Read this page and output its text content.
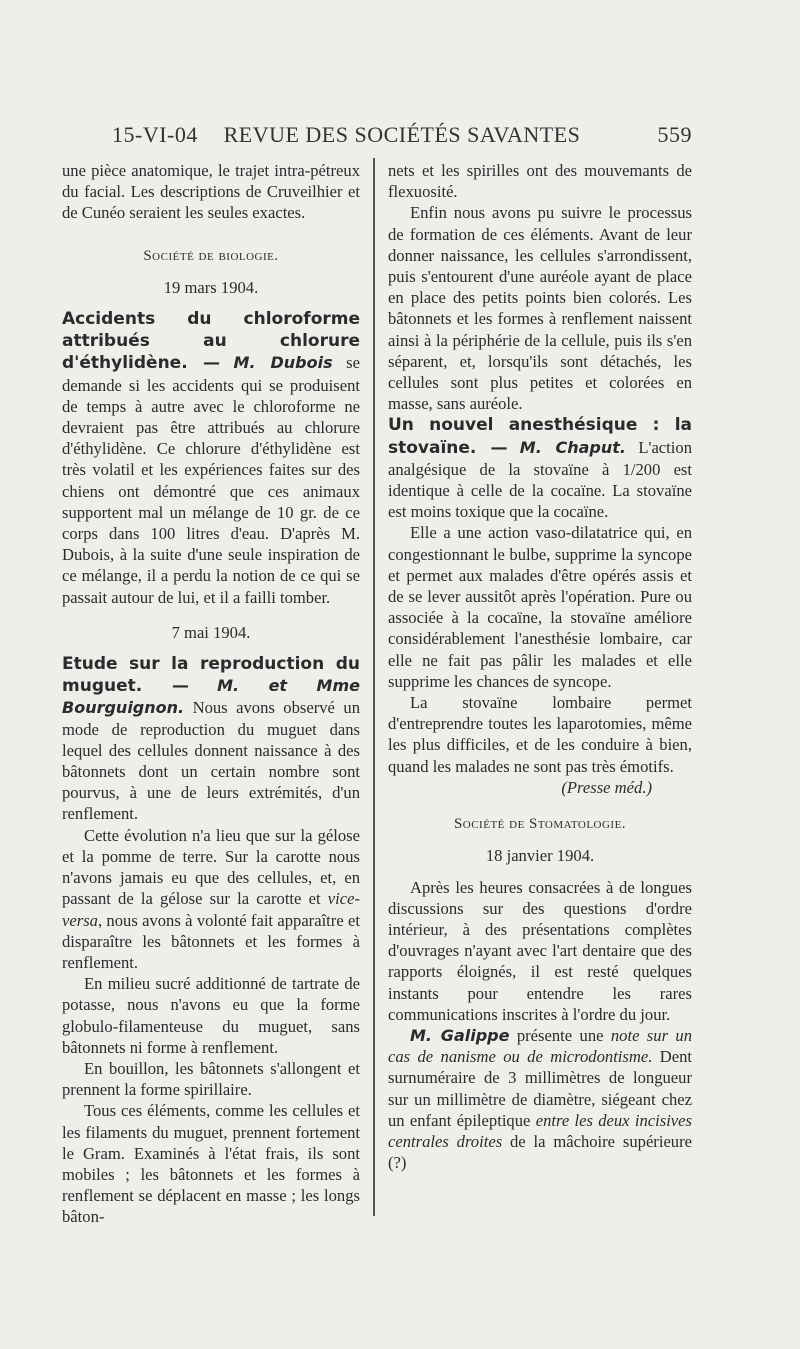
15-VI-04	REVUE DES SOCIÉTÉS SAVANTES	559

une pièce anatomique, le trajet intra-pétreux du facial. Les descriptions de Cruveilhier et de Cunéo seraient les seules exactes.

Société de biologie.
19 mars 1904.

Accidents du chloroforme attribués au chlorure d'éthylidène. — M. Dubois se demande si les accidents qui se produisent de temps à autre avec le chloroforme ne devraient pas être attribués au chlorure d'éthylidène. Ce chlorure d'éthylidène est très volatil et les expériences faites sur des chiens ont démontré que ces animaux supportent mal un mélange de 10 gr. de ce corps dans 100 litres d'eau. D'après M. Dubois, à la suite d'une seule inspiration de ce mélange, il a perdu la notion de ce qui se passait autour de lui, et il a failli tomber.

7 mai 1904.

Etude sur la reproduction du muguet. — M. et Mme Bourguignon. Nous avons observé un mode de reproduction du muguet dans lequel des cellules donnent naissance à des bâtonnets dont un certain nombre sont pourvus, à une de leurs extrémités, d'un renflement.

Cette évolution n'a lieu que sur la gélose et la pomme de terre. Sur la carotte nous n'avons jamais eu que des cellules, et, en passant de la gélose sur la carotte et vice-versa, nous avons à volonté fait apparaître et disparaître les bâtonnets et les formes à renflement.

En milieu sucré additionné de tartrate de potasse, nous n'avons eu que la forme globulo-filamenteuse du muguet, sans bâtonnets ni forme à renflement.

En bouillon, les bâtonnets s'allongent et prennent la forme spirillaire.

Tous ces éléments, comme les cellules et les filaments du muguet, prennent fortement le Gram. Examinés à l'état frais, ils sont mobiles ; les bâtonnets et les formes à renflement se déplacent en masse ; les longs bâton-

nets et les spirilles ont des mouvemants de flexuosité.

Enfin nous avons pu suivre le processus de formation de ces éléments. Avant de leur donner naissance, les cellules s'arrondissent, puis s'entourent d'une auréole ayant de place en place des petits points bien colorés. Les bâtonnets et les formes à renflement naissent ainsi à la périphérie de la cellule, puis ils s'en séparent, et, lorsqu'ils sont détachés, les cellules sont plus petites et colorées en masse, sans auréole.

Un nouvel anesthésique : la stovaïne. — M. Chaput. L'action analgésique de la stovaïne à 1/200 est identique à celle de la cocaïne. La stovaïne est moins toxique que la cocaïne.

Elle a une action vaso-dilatatrice qui, en congestionnant le bulbe, supprime la syncope et permet aux malades d'être opérés assis et de se lever aussitôt après l'opération. Pure ou associée à la cocaïne, la stovaïne améliore considérablement l'anesthésie lombaire, car elle ne fait pas pâlir les malades et elle supprime les chances de syncope.

La stovaïne lombaire permet d'entreprendre toutes les laparotomies, même les plus difficiles, et de les conduire à bien, quand les malades ne sont pas très émotifs.

(Presse méd.)
Société de Stomatologie.
18 janvier 1904.

Après les heures consacrées à de longues discussions sur des questions d'ordre intérieur, à des présentations complètes d'ouvrages n'ayant avec l'art dentaire que des rapports éloignés, il est resté quelques instants pour entendre les rares communications inscrites à l'ordre du jour.

M. Galippe présente une note sur un cas de nanisme ou de microdontisme. Dent surnuméraire de 3 millimètres de longueur sur un millimètre de diamètre, siégeant chez un enfant épileptique entre les deux incisives centrales droites de la mâchoire supérieure (?)
